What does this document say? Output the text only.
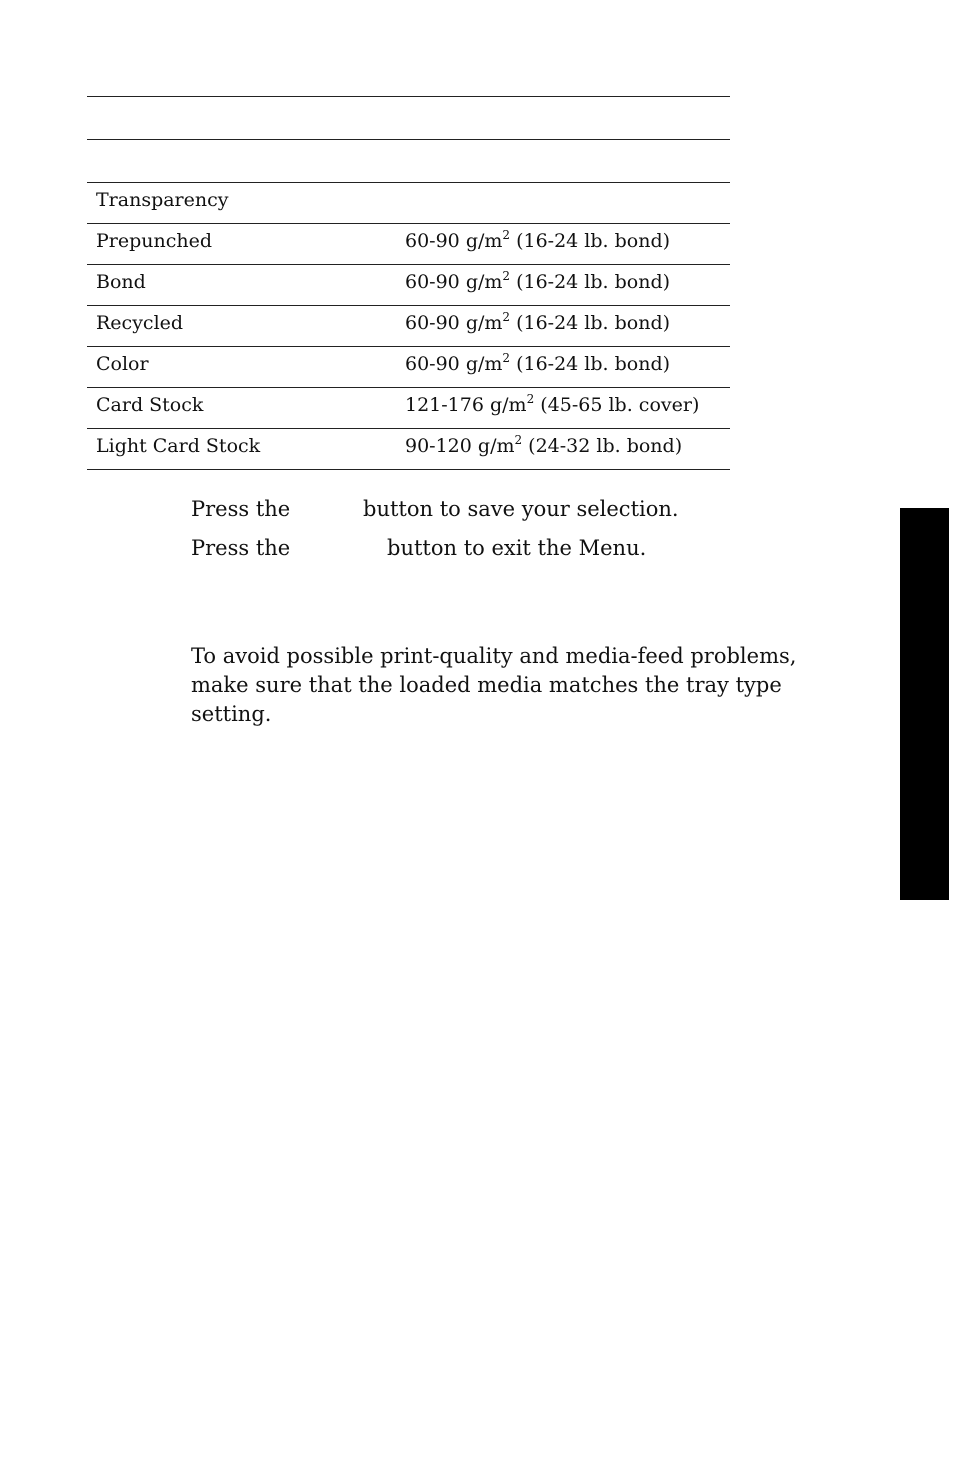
Transparency
Prepunched	60-90 $g/m^2$ (16-24 lb. bond)
Bond	60-90 $g/m^2$ (16-24 lb. bond)
Recycled	60-90 $g/m^2$ (16-24 lb. bond)
Color	60-90 $g/m^2$ (16-24 lb. bond)
Card Stock	121-176 $g/m^2$ (45-65 lb. cover)
Light Card Stock	90-120 $g/m^2$ (24-32 lb. bond)
Press the	button to save your selection.
Press the	button to exit the Menu.
To avoid possible print-quality and media-feed problems, make sure that the loaded media matches the tray type setting.
